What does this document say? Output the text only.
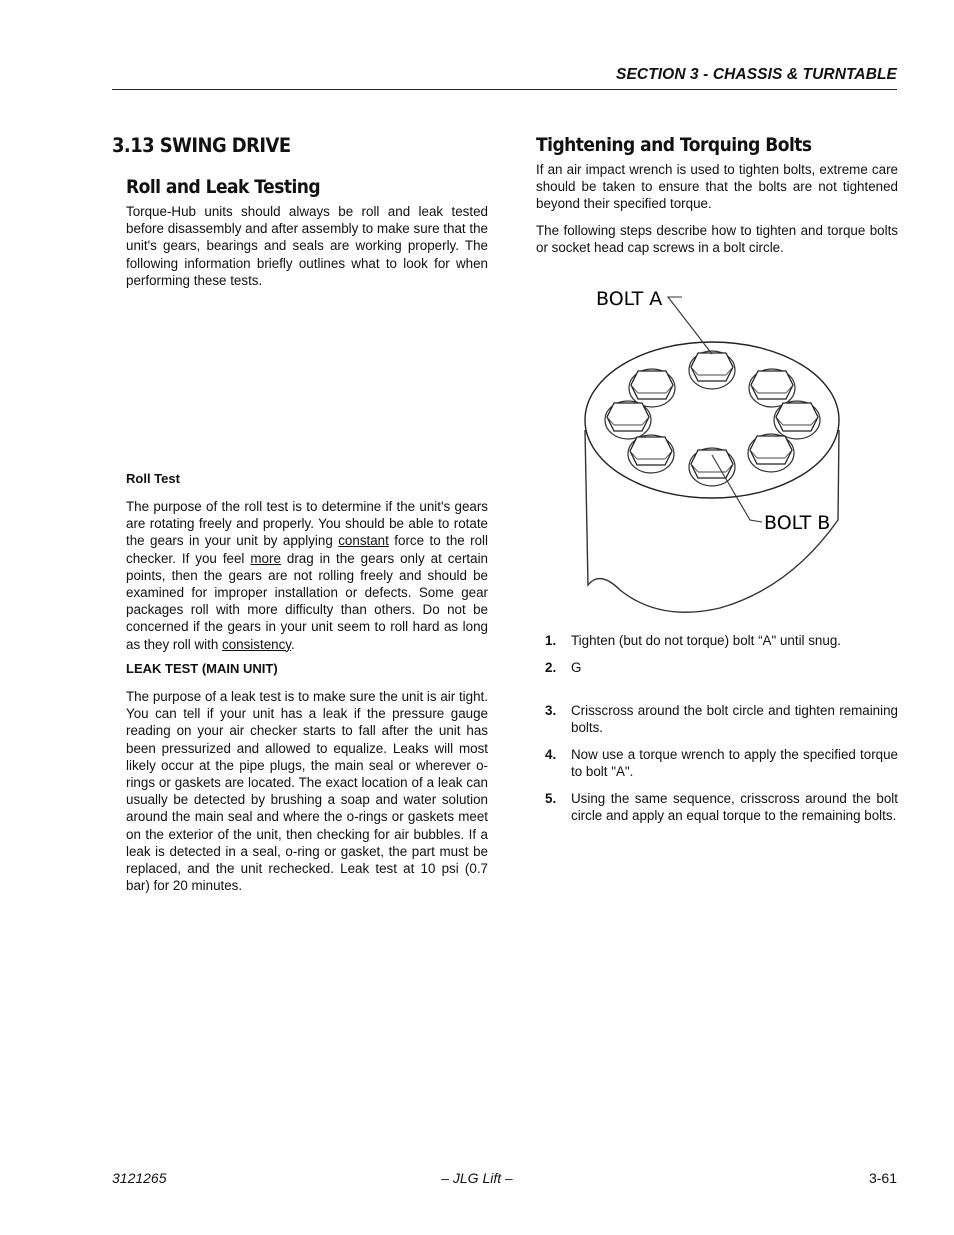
SECTION 3 - CHASSIS & TURNTABLE
3.13 SWING DRIVE
Roll and Leak Testing

Torque-Hub units should always be roll and leak tested before disassembly and after assembly to make sure that the unit's gears, bearings and seals are working properly. The following information briefly outlines what to look for when performing these tests.

Roll Test

The purpose of the roll test is to determine if the unit's gears are rotating freely and properly. You should be able to rotate the gears in your unit by applying constant force to the roll checker. If you feel more drag in the gears only at certain points, then the gears are not rolling freely and should be examined for improper installation or defects. Some gear packages roll with more difficulty than others. Do not be concerned if the gears in your unit seem to roll hard as long as they roll with consistency.

LEAK TEST (MAIN UNIT)

The purpose of a leak test is to make sure the unit is air tight. You can tell if your unit has a leak if the pressure gauge reading on your air checker starts to fall after the unit has been pressurized and allowed to equalize. Leaks will most likely occur at the pipe plugs, the main seal or wherever o-rings or gaskets are located. The exact location of a leak can usually be detected by brushing a soap and water solution around the main seal and where the o-rings or gaskets meet on the exterior of the unit, then checking for air bubbles. If a leak is detected in a seal, o-ring or gasket, the part must be replaced, and the unit rechecked. Leak test at 10 psi (0.7 bar) for 20 minutes.

Tightening and Torquing Bolts

If an air impact wrench is used to tighten bolts, extreme care should be taken to ensure that the bolts are not tightened beyond their specified torque.

The following steps describe how to tighten and torque bolts or socket head cap screws in a bolt circle.

BOLT A
BOLT B
1. Tighten (but do not torque) bolt “A" until snug.
2. G
3. Crisscross around the bolt circle and tighten remaining bolts.
4. Now use a torque wrench to apply the specified torque to bolt "A".
5. Using the same sequence, crisscross around the bolt circle and apply an equal torque to the remaining bolts.
3121265	– JLG Lift –	3-61
